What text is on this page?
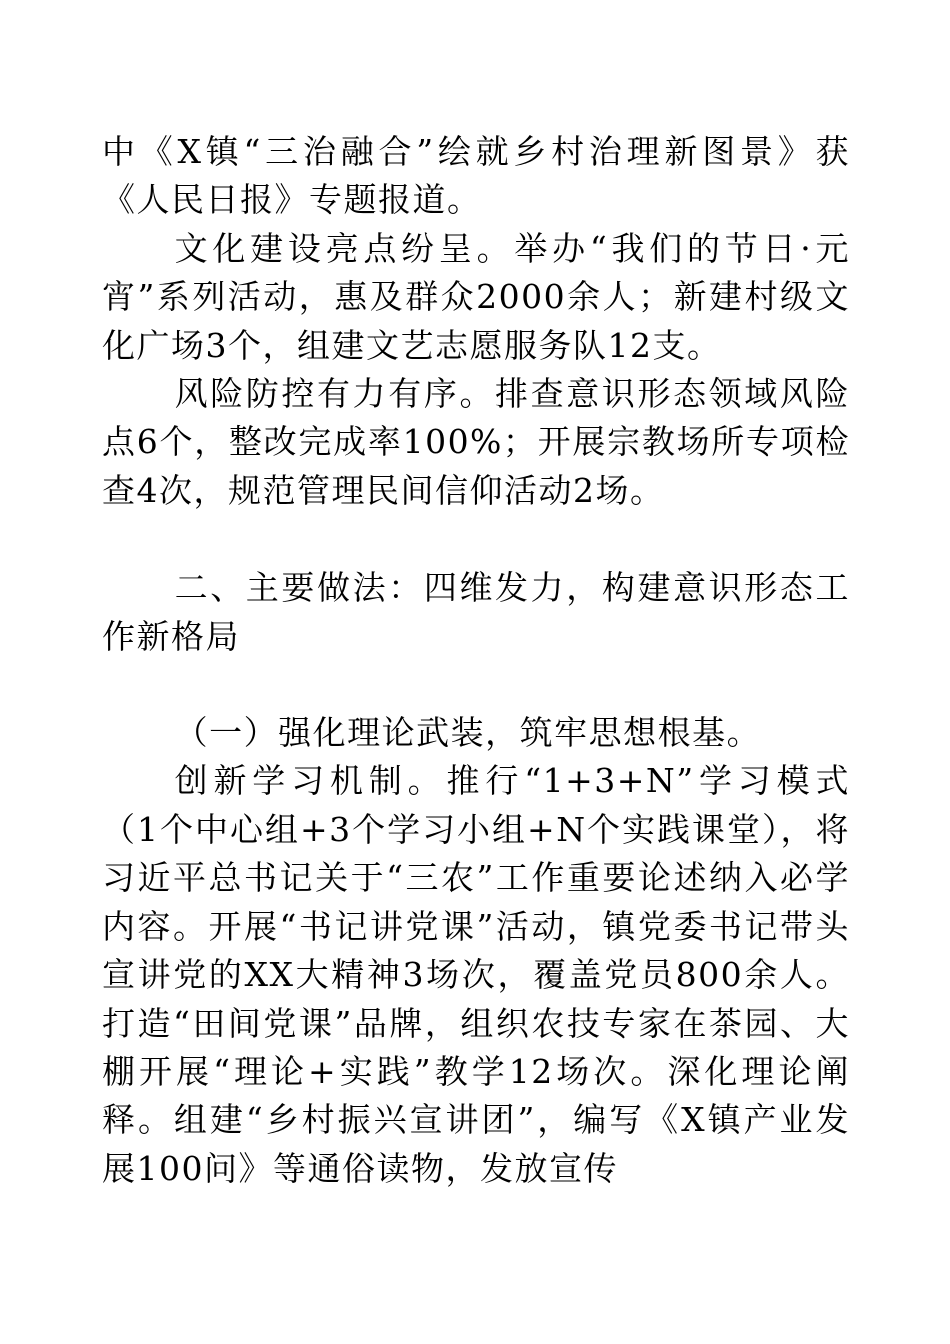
中《X镇“三治融合”绘就乡村治理新图景》获《人民日报》专题报道。

文化建设亮点纷呈。举办“我们的节日·元宵”系列活动，惠及群众2000余人；新建村级文化广场3个，组建文艺志愿服务队12支。

风险防控有力有序。排查意识形态领域风险点6个，整改完成率100%；开展宗教场所专项检查4次，规范管理民间信仰活动2场。

二、主要做法：四维发力，构建意识形态工作新格局

（一）强化理论武装，筑牢思想根基。

创新学习机制。推行“1+3+N”学习模式（1个中心组+3个学习小组+N个实践课堂），将习近平总书记关于“三农”工作重要论述纳入必学内容。开展“书记讲党课”活动，镇党委书记带头宣讲党的XX大精神3场次，覆盖党员800余人。打造“田间党课”品牌，组织农技专家在茶园、大棚开展“理论+实践”教学12场次。深化理论阐释。组建“乡村振兴宣讲团”，编写《X镇产业发展100问》等通俗读物，发放宣传
